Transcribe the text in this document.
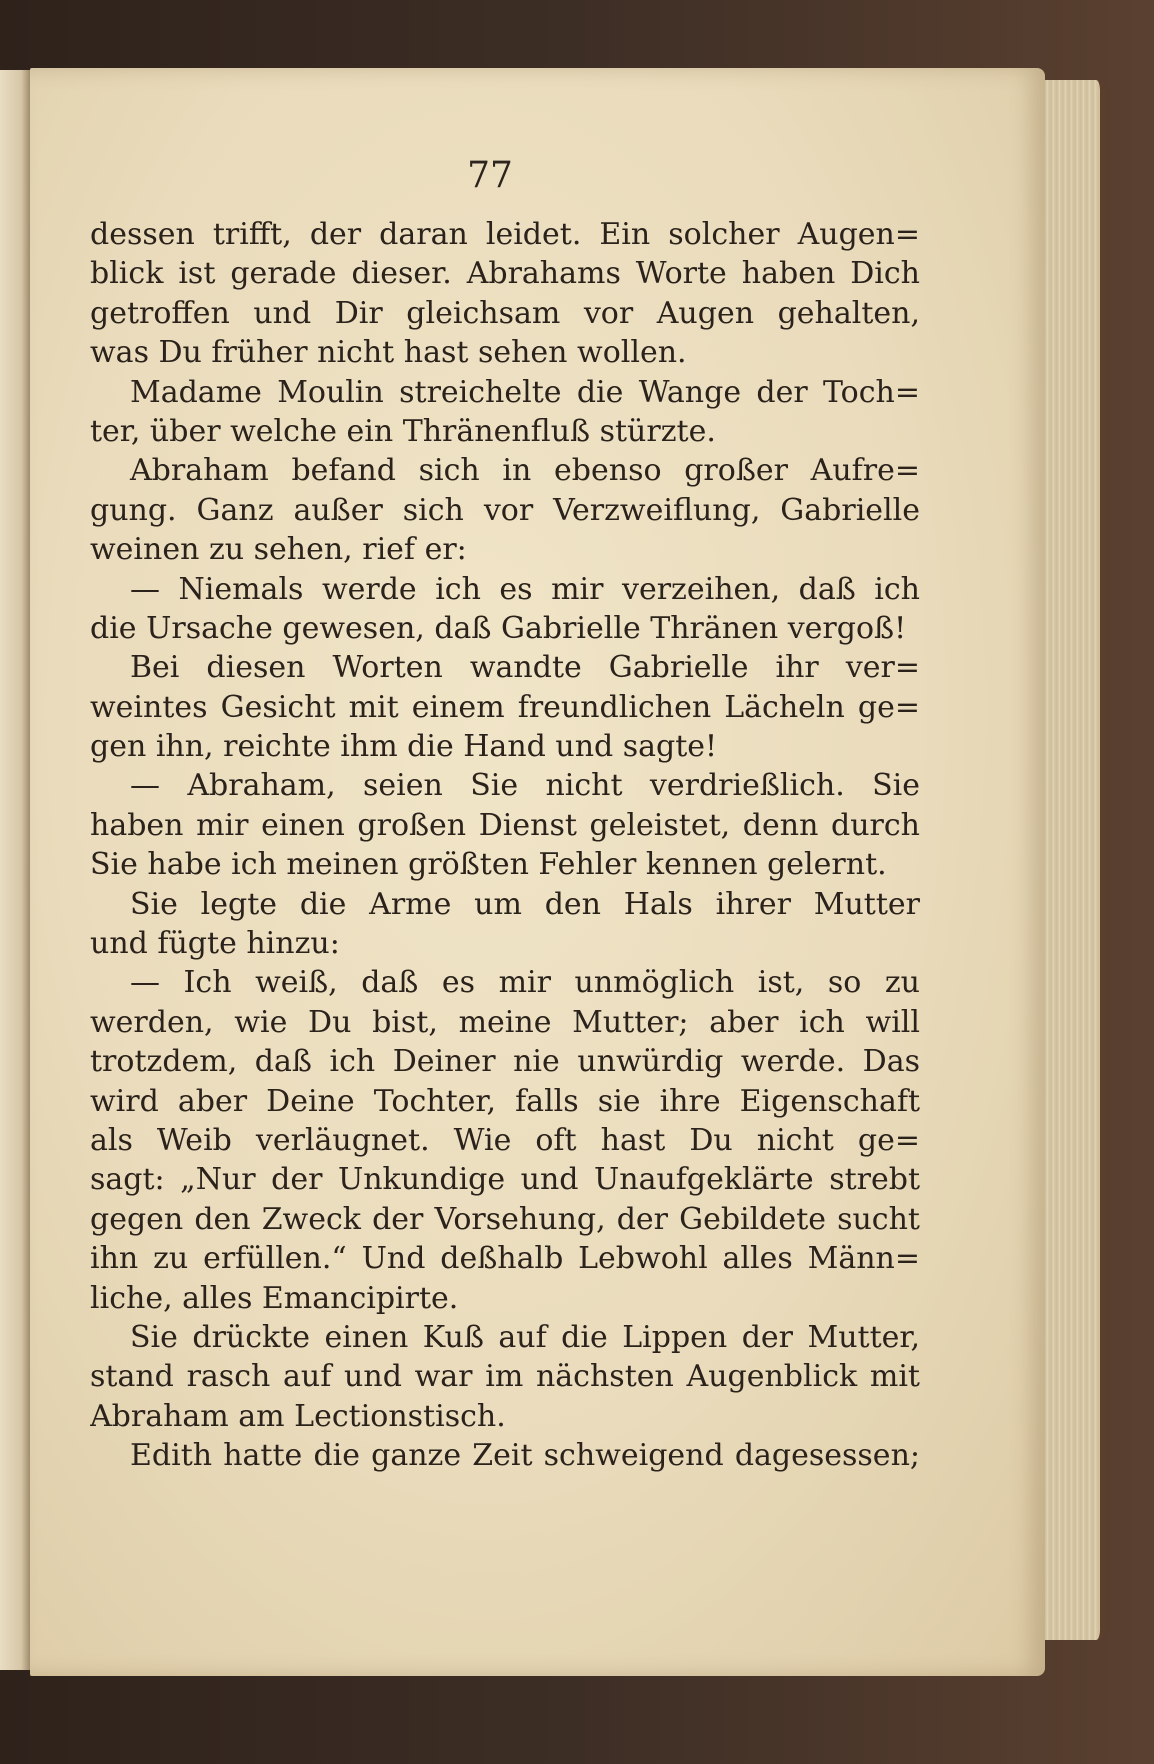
77
dessen trifft, der daran leidet. Ein solcher Augen=
blick ist gerade dieser. Abrahams Worte haben Dich
getroffen und Dir gleichsam vor Augen gehalten,
was Du früher nicht hast sehen wollen.
Madame Moulin streichelte die Wange der Toch=
ter, über welche ein Thränenfluß stürzte.
Abraham befand sich in ebenso großer Aufre=
gung. Ganz außer sich vor Verzweiflung, Gabrielle
weinen zu sehen, rief er:
— Niemals werde ich es mir verzeihen, daß ich
die Ursache gewesen, daß Gabrielle Thränen vergoß!
Bei diesen Worten wandte Gabrielle ihr ver=
weintes Gesicht mit einem freundlichen Lächeln ge=
gen ihn, reichte ihm die Hand und sagte!
— Abraham, seien Sie nicht verdrießlich. Sie
haben mir einen großen Dienst geleistet, denn durch
Sie habe ich meinen größten Fehler kennen gelernt.
Sie legte die Arme um den Hals ihrer Mutter
und fügte hinzu:
— Ich weiß, daß es mir unmöglich ist, so zu
werden, wie Du bist, meine Mutter; aber ich will
trotzdem, daß ich Deiner nie unwürdig werde. Das
wird aber Deine Tochter, falls sie ihre Eigenschaft
als Weib verläugnet. Wie oft hast Du nicht ge=
sagt: „Nur der Unkundige und Unaufgeklärte strebt
gegen den Zweck der Vorsehung, der Gebildete sucht
ihn zu erfüllen.“ Und deßhalb Lebwohl alles Männ=
liche, alles Emancipirte.
Sie drückte einen Kuß auf die Lippen der Mutter,
stand rasch auf und war im nächsten Augenblick mit
Abraham am Lectionstisch.
Edith hatte die ganze Zeit schweigend dagesessen;
